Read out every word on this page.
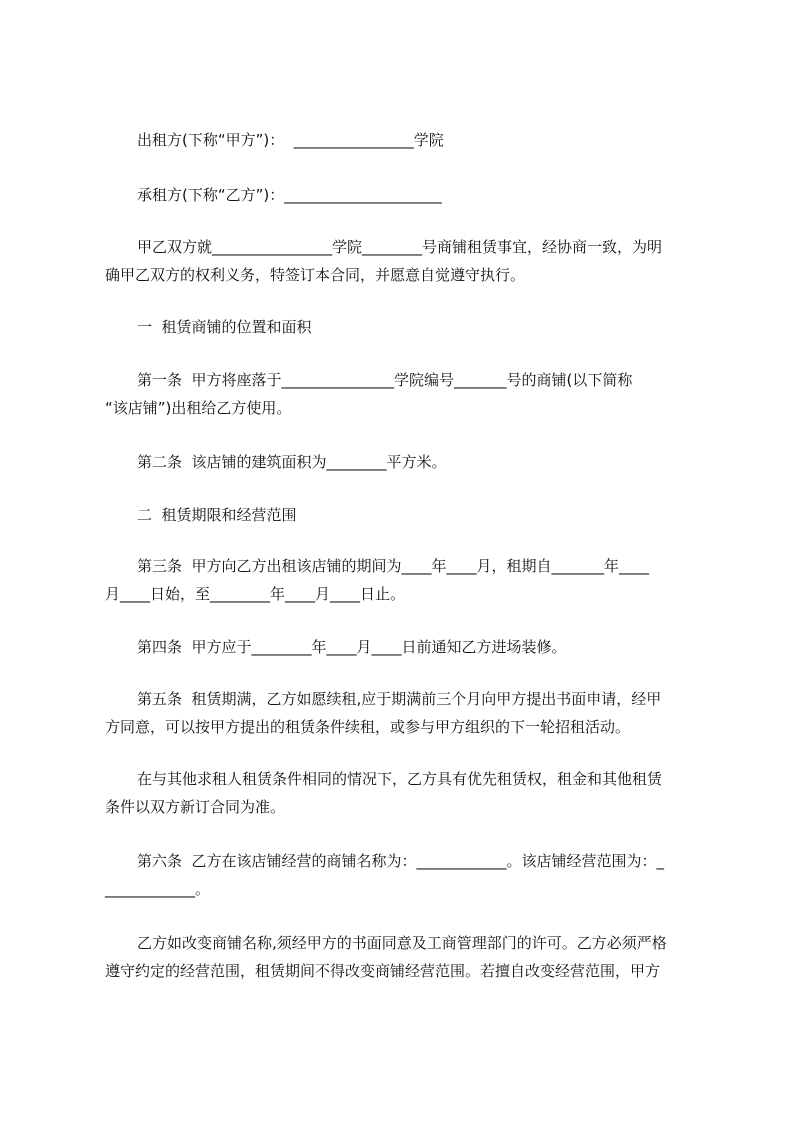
出租方(下称“甲方”)：  ________________学院
承租方(下称“乙方”)：_____________________
甲乙双方就________________学院________号商铺租赁事宜，经协商一致，为明
确甲乙双方的权利义务，特签订本合同，并愿意自觉遵守执行。
一  租赁商铺的位置和面积
第一条  甲方将座落于_______________学院编号_______号的商铺(以下简称
“该店铺”)出租给乙方使用。
第二条  该店铺的建筑面积为________平方米。
二  租赁期限和经营范围
第三条  甲方向乙方出租该店铺的期间为____年____月，租期自_______年____
月____日始，至________年____月____日止。
第四条  甲方应于________年____月____日前通知乙方进场装修。
第五条  租赁期满，乙方如愿续租,应于期满前三个月向甲方提出书面申请，经甲
方同意，可以按甲方提出的租赁条件续租，或参与甲方组织的下一轮招租活动。
在与其他求租人租赁条件相同的情况下，乙方具有优先租赁权，租金和其他租赁
条件以双方新订合同为准。
第六条  乙方在该店铺经营的商铺名称为：____________。该店铺经营范围为：_
____________。
乙方如改变商铺名称,须经甲方的书面同意及工商管理部门的许可。乙方必须严格
遵守约定的经营范围，租赁期间不得改变商铺经营范围。若擅自改变经营范围，甲方
